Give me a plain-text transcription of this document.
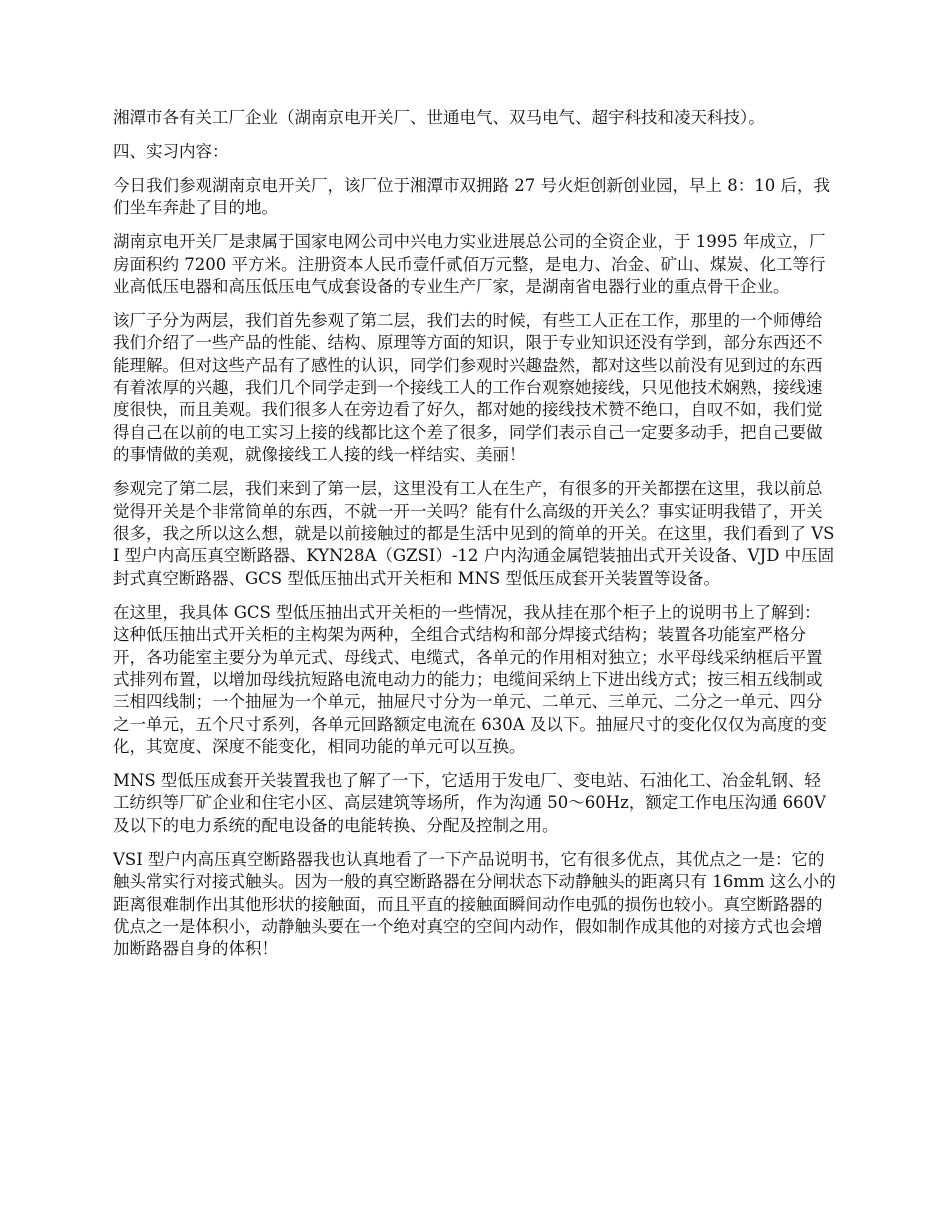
湘潭市各有关工厂企业（湖南京电开关厂、世通电气、双马电气、超宇科技和凌天科技）。

四、实习内容：

今日我们参观湖南京电开关厂，该厂位于湘潭市双拥路 27 号火炬创新创业园，早上 8：10 后，我们坐车奔赴了目的地。

湖南京电开关厂是隶属于国家电网公司中兴电力实业进展总公司的全资企业，于 1995 年成立，厂房面积约 7200 平方米。注册资本人民币壹仟贰佰万元整，是电力、冶金、矿山、煤炭、化工等行业高低压电器和高压低压电气成套设备的专业生产厂家，是湖南省电器行业的重点骨干企业。

该厂子分为两层，我们首先参观了第二层，我们去的时候，有些工人正在工作，那里的一个师傅给我们介绍了一些产品的性能、结构、原理等方面的知识，限于专业知识还没有学到，部分东西还不能理解。但对这些产品有了感性的认识，同学们参观时兴趣盎然，都对这些以前没有见到过的东西有着浓厚的兴趣，我们几个同学走到一个接线工人的工作台观察她接线，只见他技术娴熟，接线速度很快，而且美观。我们很多人在旁边看了好久，都对她的接线技术赞不绝口，自叹不如，我们觉得自己在以前的电工实习上接的线都比这个差了很多，同学们表示自己一定要多动手，把自己要做的事情做的美观，就像接线工人接的线一样结实、美丽！

参观完了第二层，我们来到了第一层，这里没有工人在生产，有很多的开关都摆在这里，我以前总觉得开关是个非常简单的东西，不就一开一关吗？能有什么高级的开关么？事实证明我错了，开关很多，我之所以这么想，就是以前接触过的都是生活中见到的简单的开关。在这里，我们看到了 VSI 型户内高压真空断路器、KYN28A（GZSI）-12 户内沟通金属铠装抽出式开关设备、VJD 中压固封式真空断路器、GCS 型低压抽出式开关柜和 MNS 型低压成套开关装置等设备。

在这里，我具体 GCS 型低压抽出式开关柜的一些情况，我从挂在那个柜子上的说明书上了解到：这种低压抽出式开关柜的主构架为两种，全组合式结构和部分焊接式结构；装置各功能室严格分开，各功能室主要分为单元式、母线式、电缆式，各单元的作用相对独立；水平母线采纳框后平置式排列布置，以增加母线抗短路电流电动力的能力；电缆间采纳上下进出线方式；按三相五线制或三相四线制；一个抽屉为一个单元，抽屉尺寸分为一单元、二单元、三单元、二分之一单元、四分之一单元，五个尺寸系列，各单元回路额定电流在 630A 及以下。抽屉尺寸的变化仅仅为高度的变化，其宽度、深度不能变化，相同功能的单元可以互换。

MNS 型低压成套开关装置我也了解了一下，它适用于发电厂、变电站、石油化工、冶金轧钢、轻工纺织等厂矿企业和住宅小区、高层建筑等场所，作为沟通 50～60Hz，额定工作电压沟通 660V 及以下的电力系统的配电设备的电能转换、分配及控制之用。

VSI 型户内高压真空断路器我也认真地看了一下产品说明书，它有很多优点，其优点之一是：它的触头常实行对接式触头。因为一般的真空断路器在分闸状态下动静触头的距离只有 16mm 这么小的距离很难制作出其他形状的接触面，而且平直的接触面瞬间动作电弧的损伤也较小。真空断路器的优点之一是体积小，动静触头要在一个绝对真空的空间内动作，假如制作成其他的对接方式也会增加断路器自身的体积！
